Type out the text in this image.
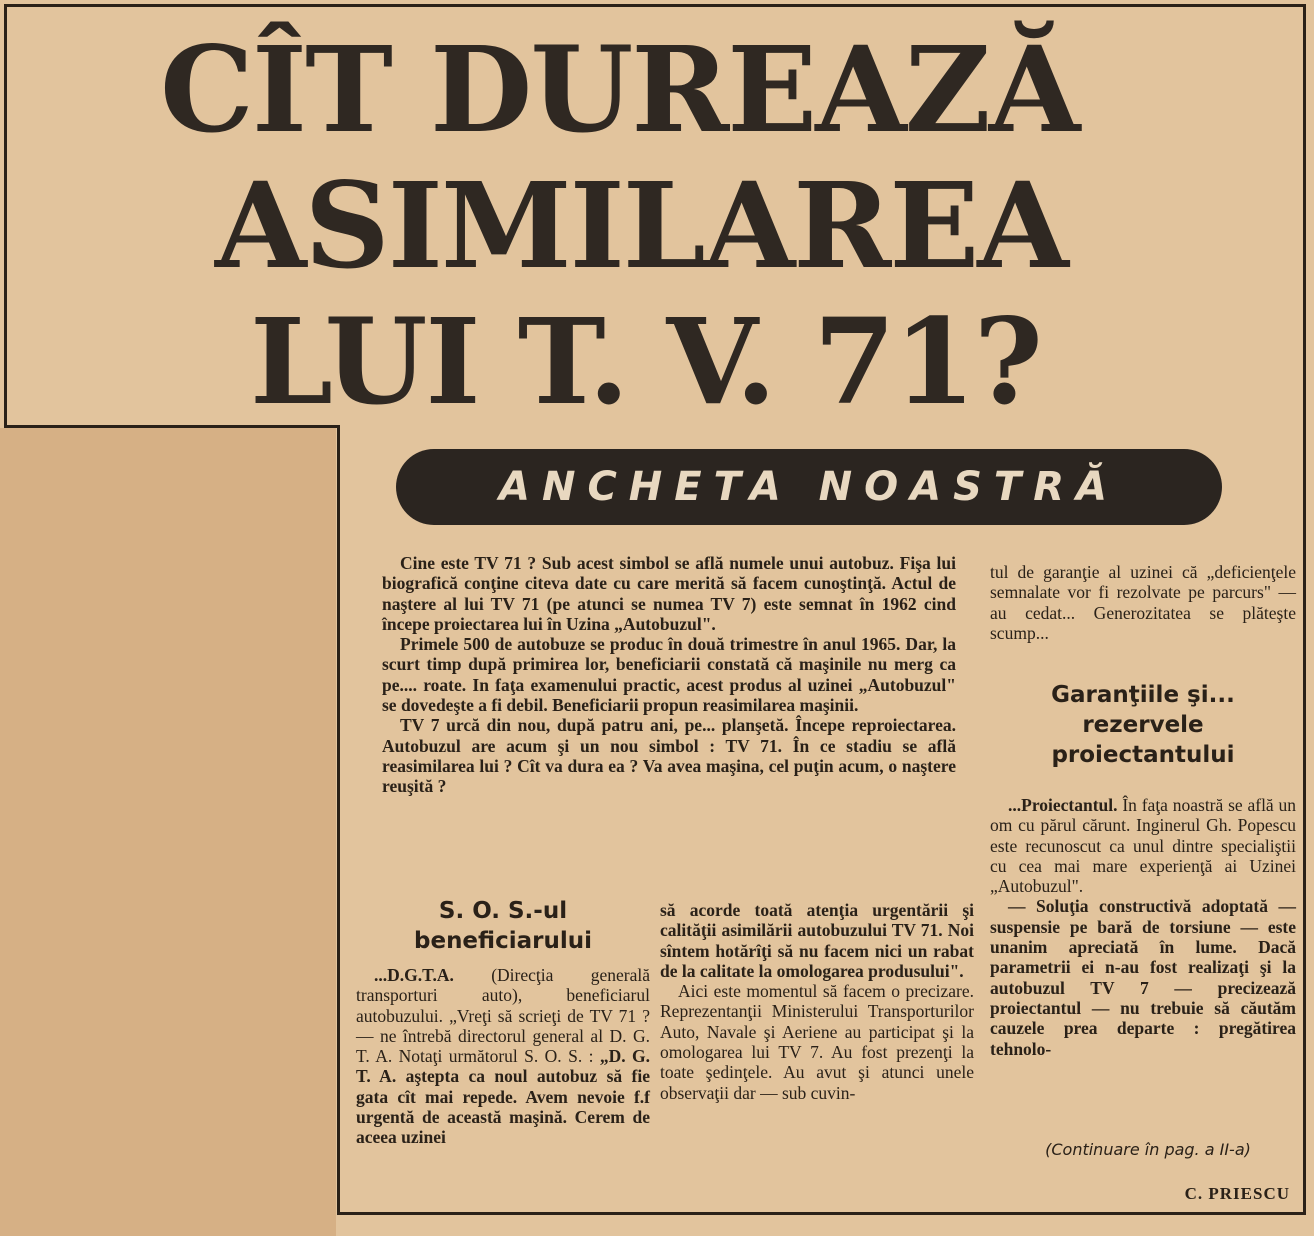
CÎT DUREAZĂ
ASIMILAREA
LUI T. V. 71?
ANCHETA NOASTRĂ

Cine este TV 71 ? Sub acest simbol se află numele unui autobuz. Fişa lui biografică conţine citeva date cu care merită să facem cunoştinţă. Actul de naştere al lui TV 71 (pe atunci se numea TV 7) este semnat în 1962 cind începe proiectarea lui în Uzina „Autobuzul".

Primele 500 de autobuze se produc în două trimestre în anul 1965. Dar, la scurt timp după primirea lor, beneficiarii constată că maşinile nu merg ca pe.... roate. In faţa examenului practic, acest produs al uzinei „Autobuzul" se dovedeşte a fi debil. Beneficiarii propun reasimilarea maşinii.

TV 7 urcă din nou, după patru ani, pe... planşetă. Începe reproiectarea. Autobuzul are acum şi un nou simbol : TV 71. În ce stadiu se află reasimilarea lui ? Cît va dura ea ? Va avea maşina, cel puţin acum, o naştere reuşită ?

S. O. S.-ul
beneficiarului

...D.G.T.A. (Direcţia generală transporturi auto), beneficiarul autobuzului. „Vreţi să scrieţi de TV 71 ? — ne întrebă directorul general al D. G. T. A. Notaţi următorul S. O. S. : „D. G. T. A. aştepta ca noul autobuz să fie gata cît mai repede. Avem nevoie f.f urgentă de această maşină. Cerem de aceea uzinei

să acorde toată atenţia urgentării şi calităţii asimilării autobuzului TV 71. Noi sîntem hotărîţi să nu facem nici un rabat de la calitate la omologarea produsului".

Aici este momentul să facem o precizare. Reprezentanţii Ministerului Transporturilor Auto, Navale şi Aeriene au participat şi la omologarea lui TV 7. Au fost prezenţi la toate şedinţele. Au avut şi atunci unele observaţii dar — sub cuvin-

tul de garanţie al uzinei că „deficienţele semnalate vor fi rezolvate pe parcurs" — au cedat... Generozitatea se plăteşte scump...

Garanţiile şi...
rezervele
proiectantului

...Proiectantul. În faţa noastră se află un om cu părul cărunt. Inginerul Gh. Popescu este recunoscut ca unul dintre specialiştii cu cea mai mare experienţă ai Uzinei „Autobuzul".

— Soluţia constructivă adoptată — suspensie pe bară de torsiune — este unanim apreciată în lume. Dacă parametrii ei n-au fost realizaţi şi la autobuzul TV 7 — precizează proiectantul — nu trebuie să căutăm cauzele prea departe : pregătirea tehnolo-

(Continuare în pag. a II-a)
C. PRIESCU
